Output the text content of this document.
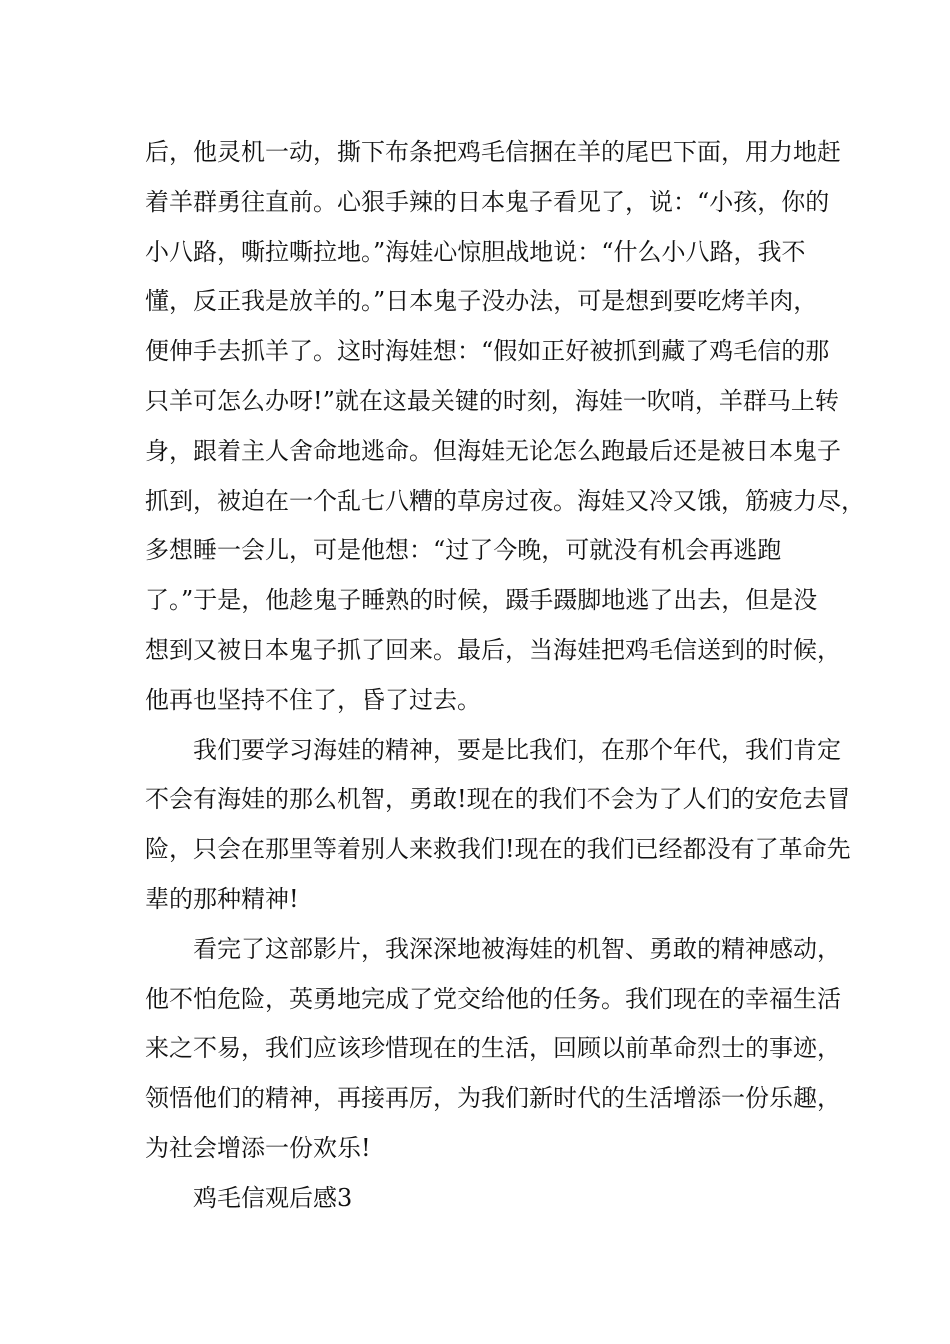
后，他灵机一动，撕下布条把鸡毛信捆在羊的尾巴下面，用力地赶

着羊群勇往直前。心狠手辣的日本鬼子看见了，说：“小孩，你的

小八路，嘶拉嘶拉地。”海娃心惊胆战地说：“什么小八路，我不

懂，反正我是放羊的。”日本鬼子没办法，可是想到要吃烤羊肉，

便伸手去抓羊了。这时海娃想：“假如正好被抓到藏了鸡毛信的那

只羊可怎么办呀!”就在这最关键的时刻，海娃一吹哨，羊群马上转

身，跟着主人舍命地逃命。但海娃无论怎么跑最后还是被日本鬼子

抓到，被迫在一个乱七八糟的草房过夜。海娃又冷又饿，筋疲力尽，

多想睡一会儿，可是他想：“过了今晚，可就没有机会再逃跑

了。”于是，他趁鬼子睡熟的时候，蹑手蹑脚地逃了出去，但是没

想到又被日本鬼子抓了回来。最后，当海娃把鸡毛信送到的时候，

他再也坚持不住了，昏了过去。

我们要学习海娃的精神，要是比我们，在那个年代，我们肯定

不会有海娃的那么机智，勇敢!现在的我们不会为了人们的安危去冒

险，只会在那里等着别人来救我们!现在的我们已经都没有了革命先

辈的那种精神!

看完了这部影片，我深深地被海娃的机智、勇敢的精神感动，

他不怕危险，英勇地完成了党交给他的任务。我们现在的幸福生活

来之不易，我们应该珍惜现在的生活，回顾以前革命烈士的事迹，

领悟他们的精神，再接再厉，为我们新时代的生活增添一份乐趣，

为社会增添一份欢乐!

鸡毛信观后感3
